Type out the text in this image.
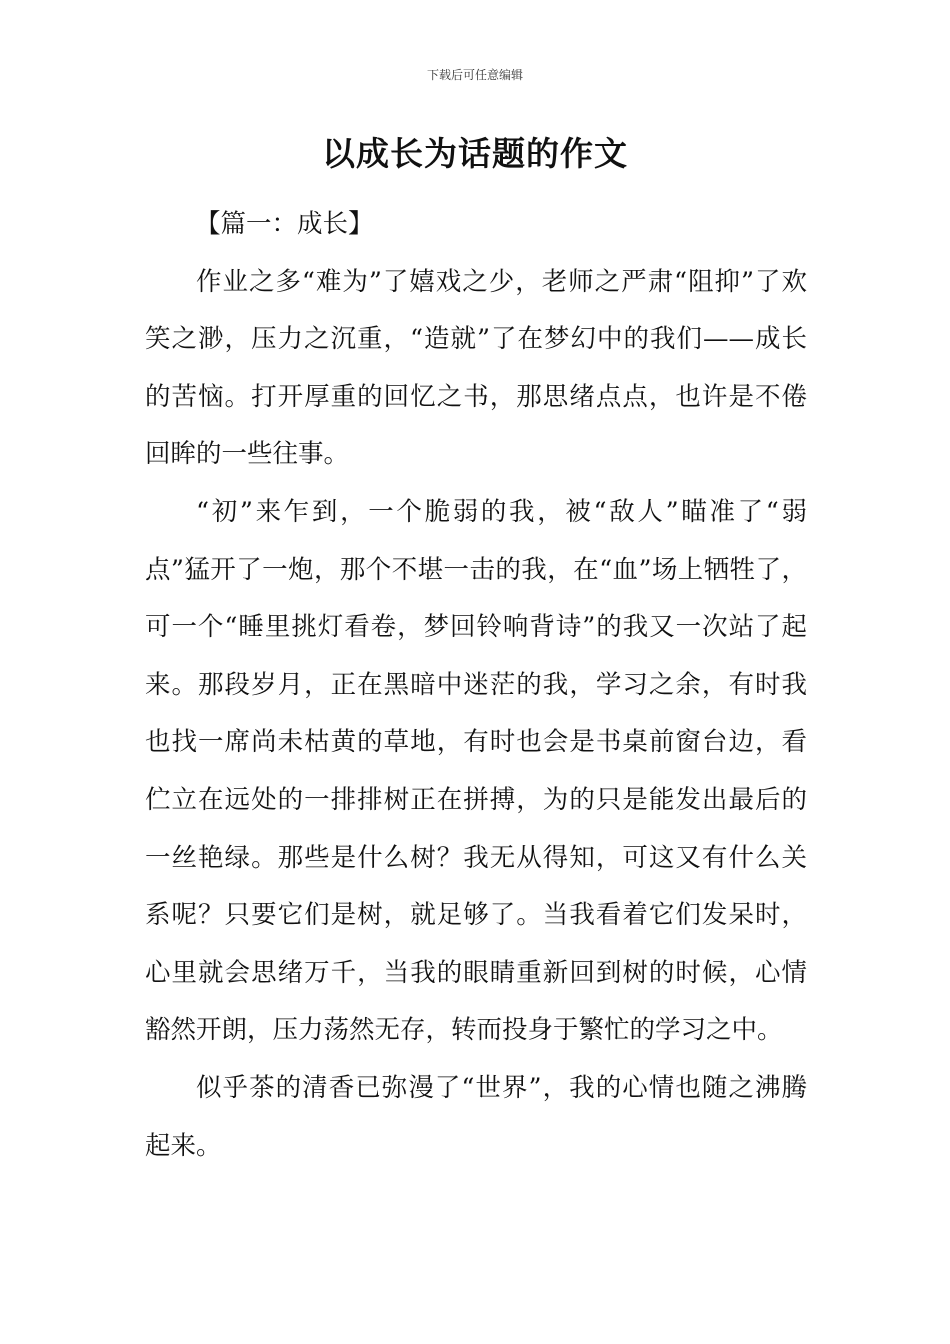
下载后可任意编辑
以成长为话题的作文
【篇一：成长】

作业之多“难为”了嬉戏之少，老师之严肃“阻抑”了欢笑之渺，压力之沉重，“造就”了在梦幻中的我们——成长的苦恼。打开厚重的回忆之书，那思绪点点，也许是不倦回眸的一些往事。

“初”来乍到，一个脆弱的我，被“敌人”瞄准了“弱点”猛开了一炮，那个不堪一击的我，在“血”场上牺牲了，可一个“睡里挑灯看卷，梦回铃响背诗”的我又一次站了起来。那段岁月，正在黑暗中迷茫的我，学习之余，有时我也找一席尚未枯黄的草地，有时也会是书桌前窗台边，看伫立在远处的一排排树正在拼搏，为的只是能发出最后的一丝艳绿。那些是什么树？我无从得知，可这又有什么关系呢？只要它们是树，就足够了。当我看着它们发呆时，心里就会思绪万千，当我的眼睛重新回到树的时候，心情豁然开朗，压力荡然无存，转而投身于繁忙的学习之中。

似乎茶的清香已弥漫了“世界”，我的心情也随之沸腾起来。
